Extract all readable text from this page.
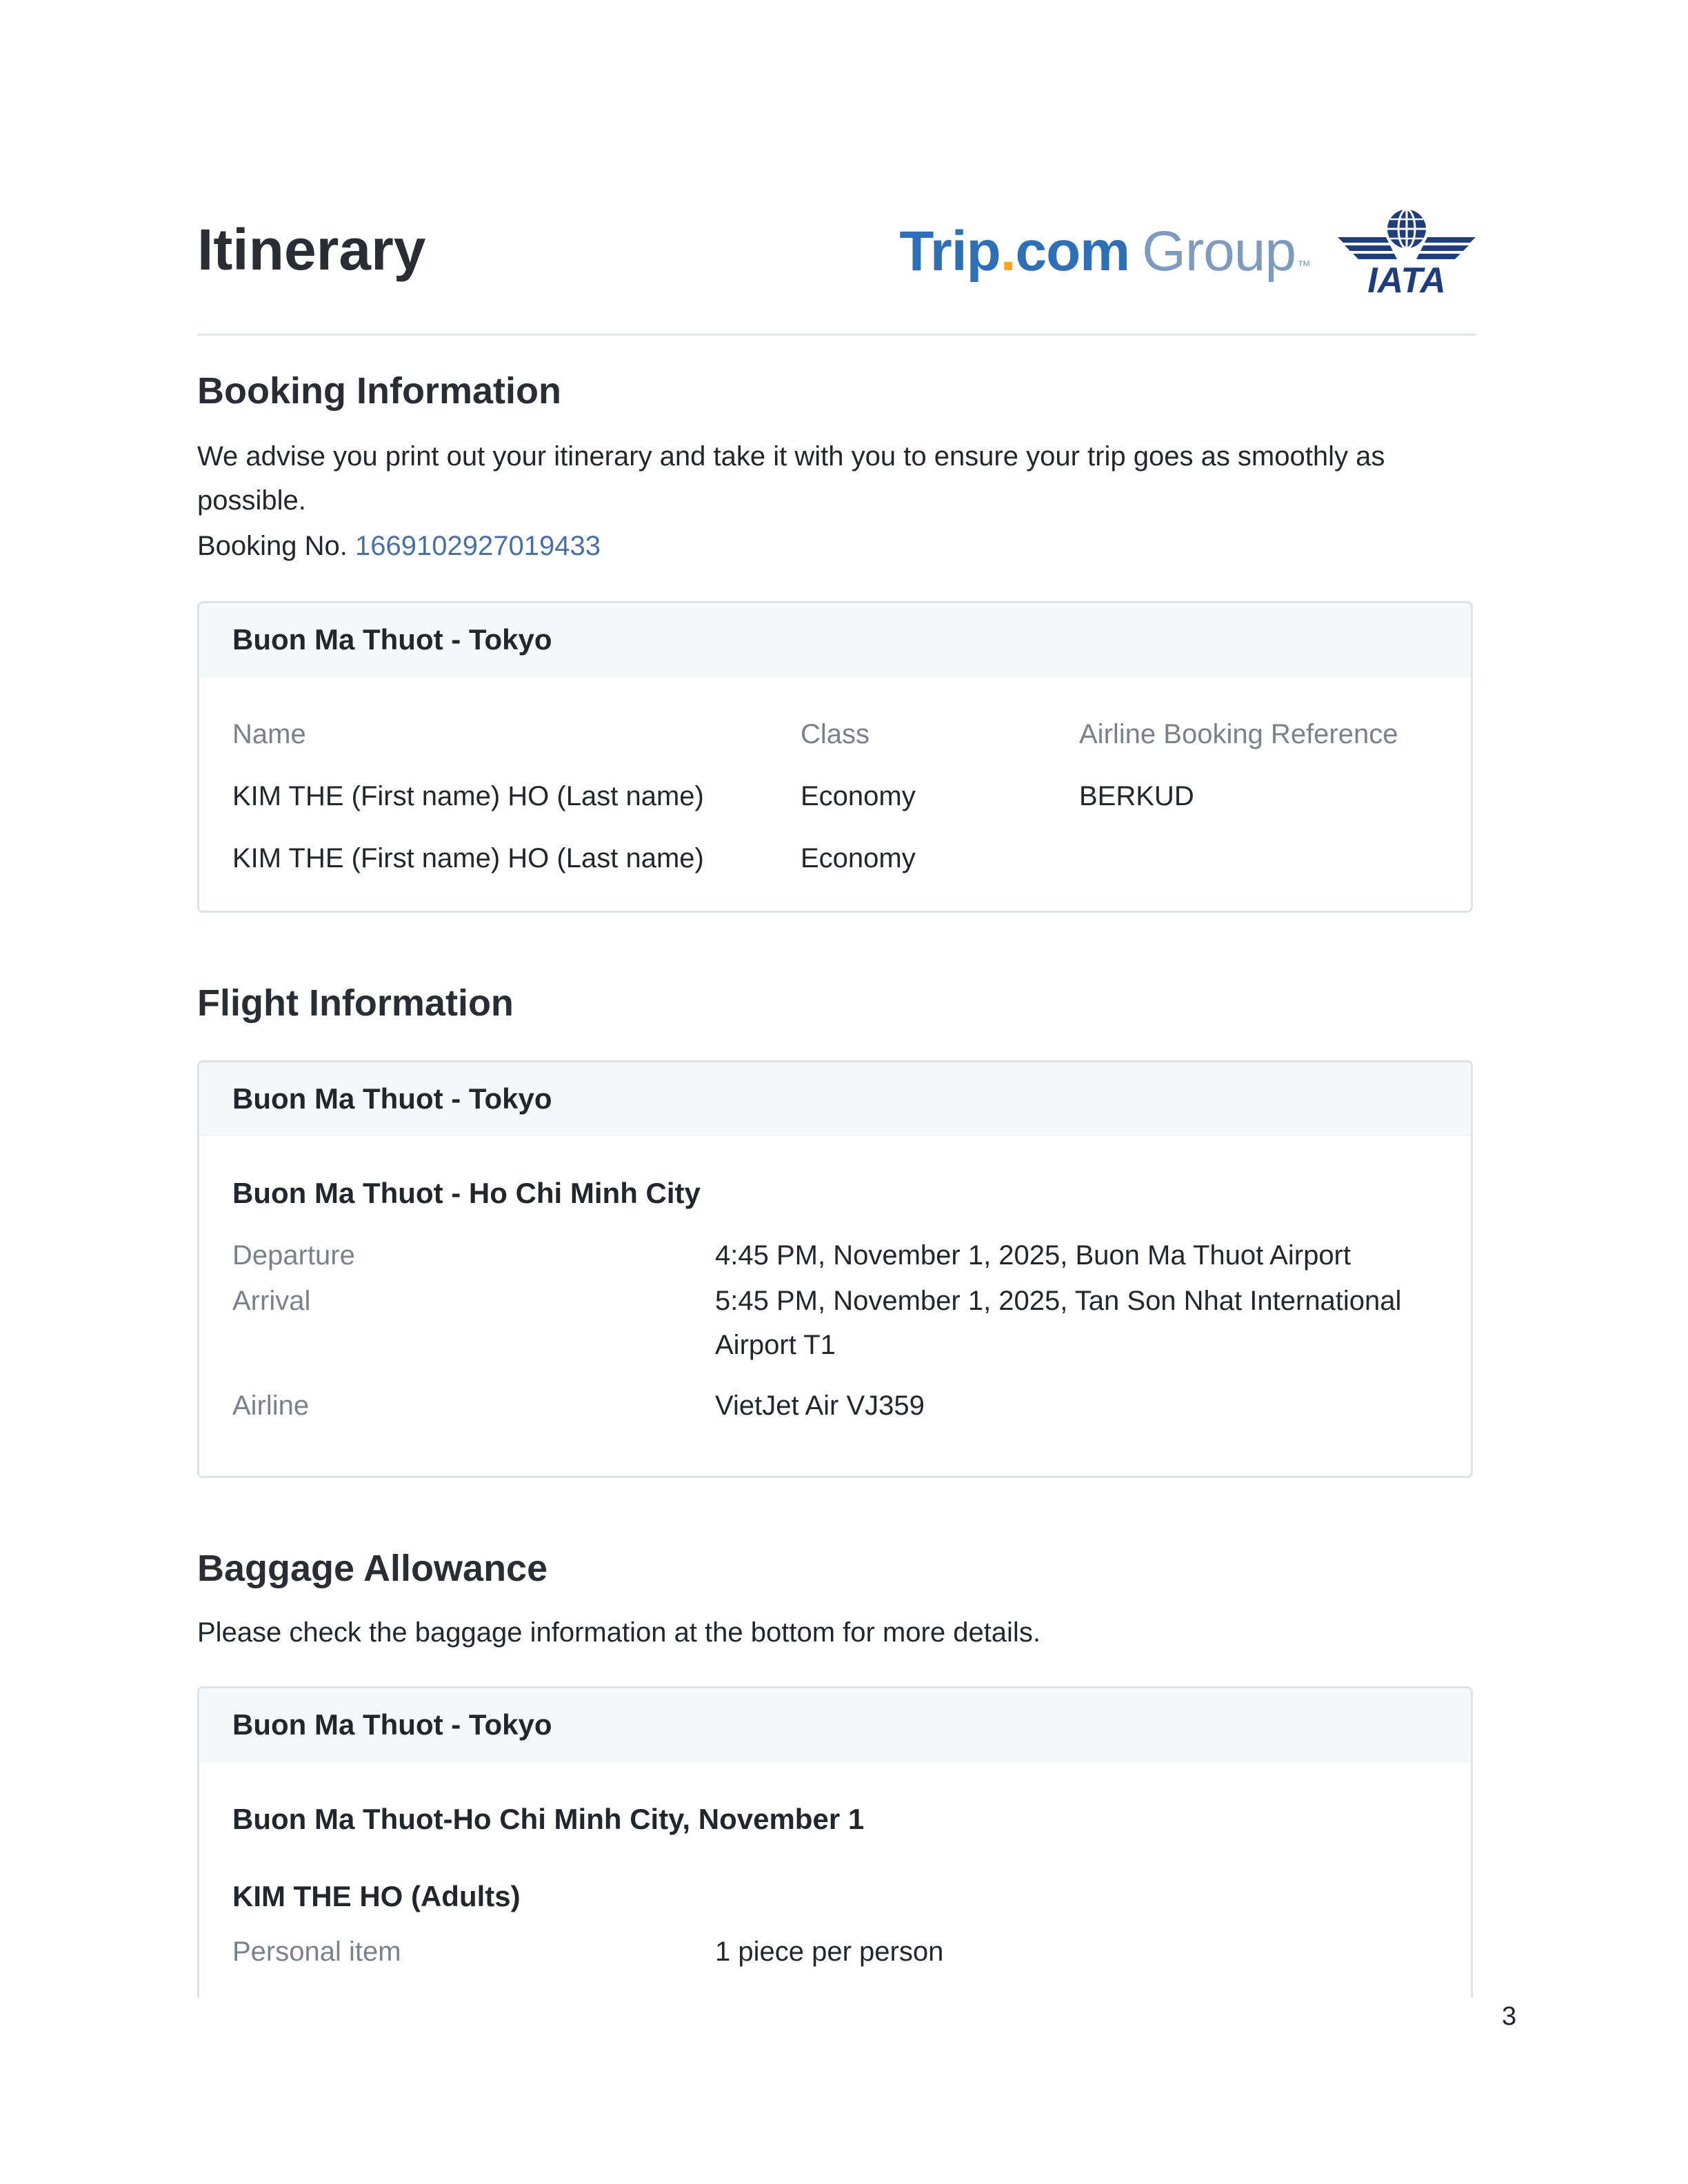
Itinerary	Trip . com Group ™ IATA
Booking Information

We advise you print out your itinerary and take it with you to ensure your trip goes as smoothly as possible.

Booking No. 1669102927019433

Buon Ma Thuot - Tokyo
Name	Class	Airline Booking Reference
KIM THE (First name) HO (Last name)	Economy	BERKUD
KIM THE (First name) HO (Last name)	Economy
Flight Information
Buon Ma Thuot - Tokyo
Buon Ma Thuot - Ho Chi Minh City
Departure	4:45 PM, November 1, 2025, Buon Ma Thuot Airport
Arrival	5:45 PM, November 1, 2025, Tan Son Nhat International Airport T1
Airline	VietJet Air VJ359
Baggage Allowance

Please check the baggage information at the bottom for more details.

Buon Ma Thuot - Tokyo
Buon Ma Thuot-Ho Chi Minh City, November 1
KIM THE HO (Adults)
Personal item	1 piece per person
3
